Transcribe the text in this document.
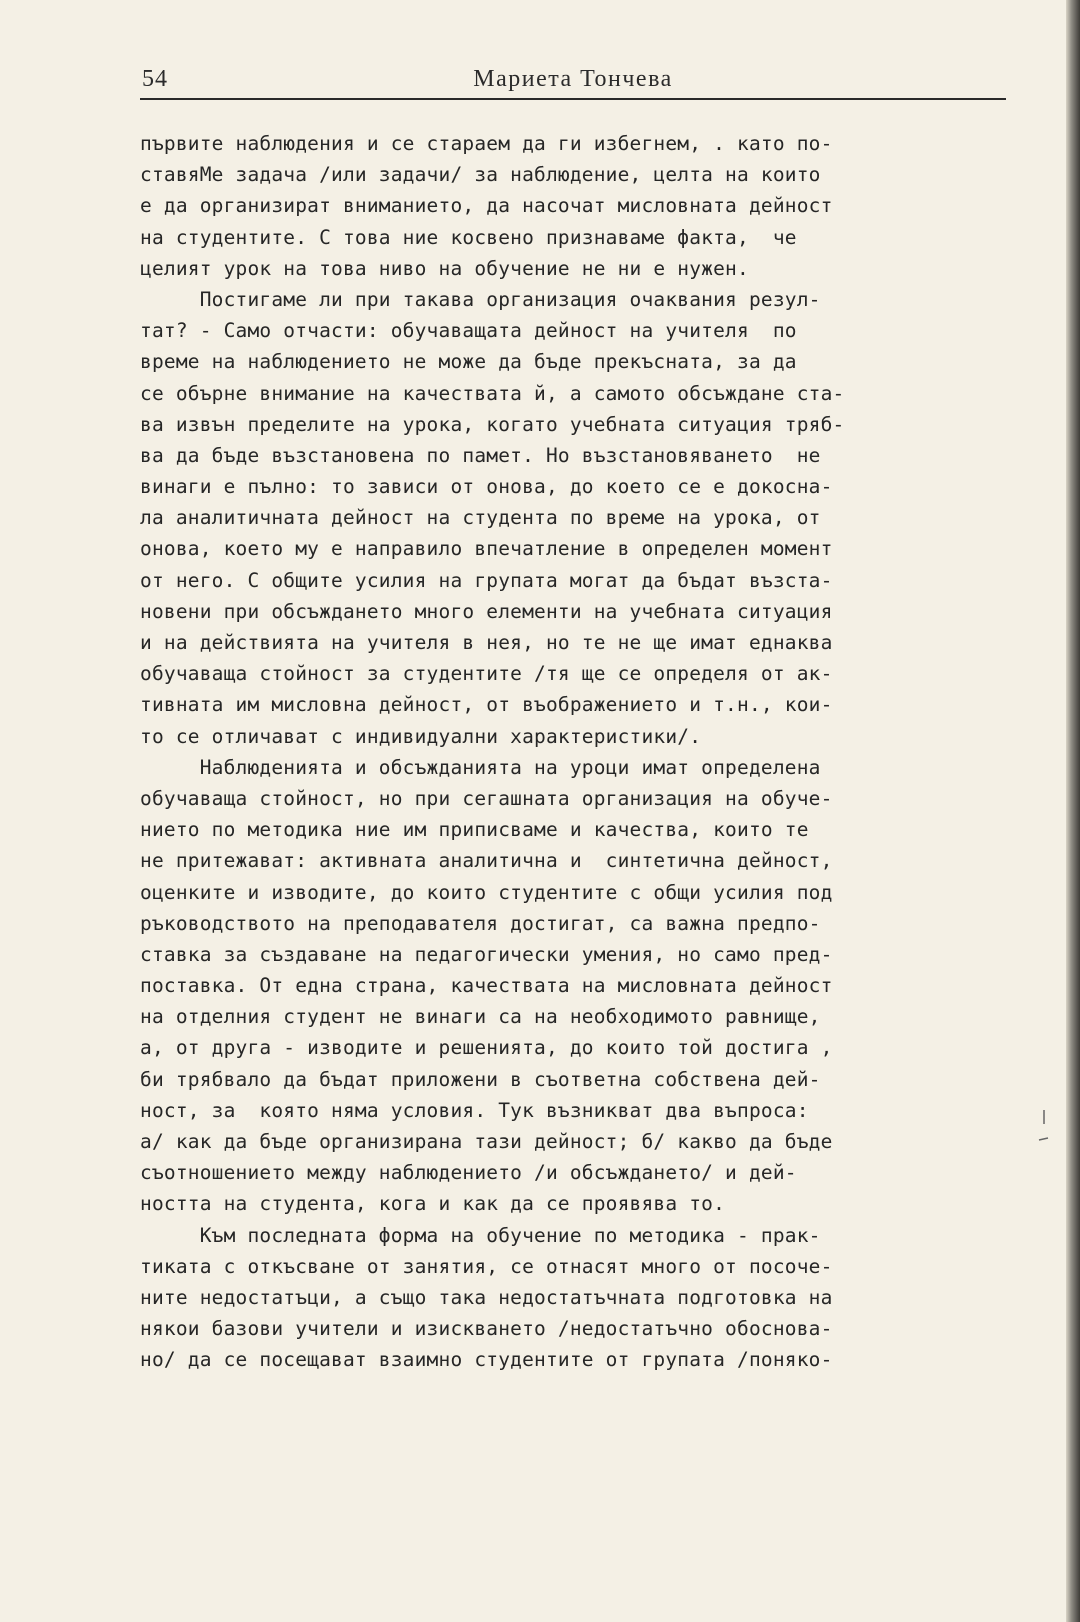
54	Мариета Тончева
първите наблюдения и се стараем да ги избегнем, . като по-
ставяМе задача /или задачи/ за наблюдение, целта на които
е да организират вниманието, да насочат мисловната дейност
на студентите. С това ние косвено признаваме факта,  че
целият урок на това ниво на обучение не ни е нужен.
Постигаме ли при такава организация очаквания резул-
тат? - Само отчасти: обучаващата дейност на учителя  по
време на наблюдението не може да бъде прекъсната, за да
се обърне внимание на качествата й, а самото обсъждане ста-
ва извън пределите на урока, когато учебната ситуация тряб-
ва да бъде възстановена по памет. Но възстановяването  не
винаги е пълно: то зависи от онова, до което се е докосна-
ла аналитичната дейност на студента по време на урока, от
онова, което му е направило впечатление в определен момент
от него. С общите усилия на групата могат да бъдат възста-
новени при обсъждането много елементи на учебната ситуация
и на действията на учителя в нея, но те не ще имат еднаква
обучаваща стойност за студентите /тя ще се определя от ак-
тивната им мисловна дейност, от въображението и т.н., кои-
то се отличават с индивидуални характеристики/.
Наблюденията и обсъжданията на уроци имат определена
обучаваща стойност, но при сегашната организация на обуче-
нието по методика ние им приписваме и качества, които те
не притежават: активната аналитична и  синтетична дейност,
оценките и изводите, до които студентите с общи усилия под
ръководството на преподавателя достигат, са важна предпо-
ставка за създаване на педагогически умения, но само пред-
поставка. От една страна, качествата на мисловната дейност
на отделния студент не винаги са на необходимото равнище,
а, от друга - изводите и решенията, до които той достига ,
би трябвало да бъдат приложени в съответна собствена дей-
ност, за  която няма условия. Тук възникват два въпроса:
а/ как да бъде организирана тази дейност; б/ какво да бъде
съотношението между наблюдението /и обсъждането/ и дей-
ността на студента, кога и как да се проявява то.
Към последната форма на обучение по методика - прак-
тиката с откъсване от занятия, се отнасят много от посоче-
ните недостатъци, а също така недостатъчната подготовка на
някои базови учители и изискването /недостатъчно обоснова-
но/ да се посещават взаимно студентите от групата /поняко-
